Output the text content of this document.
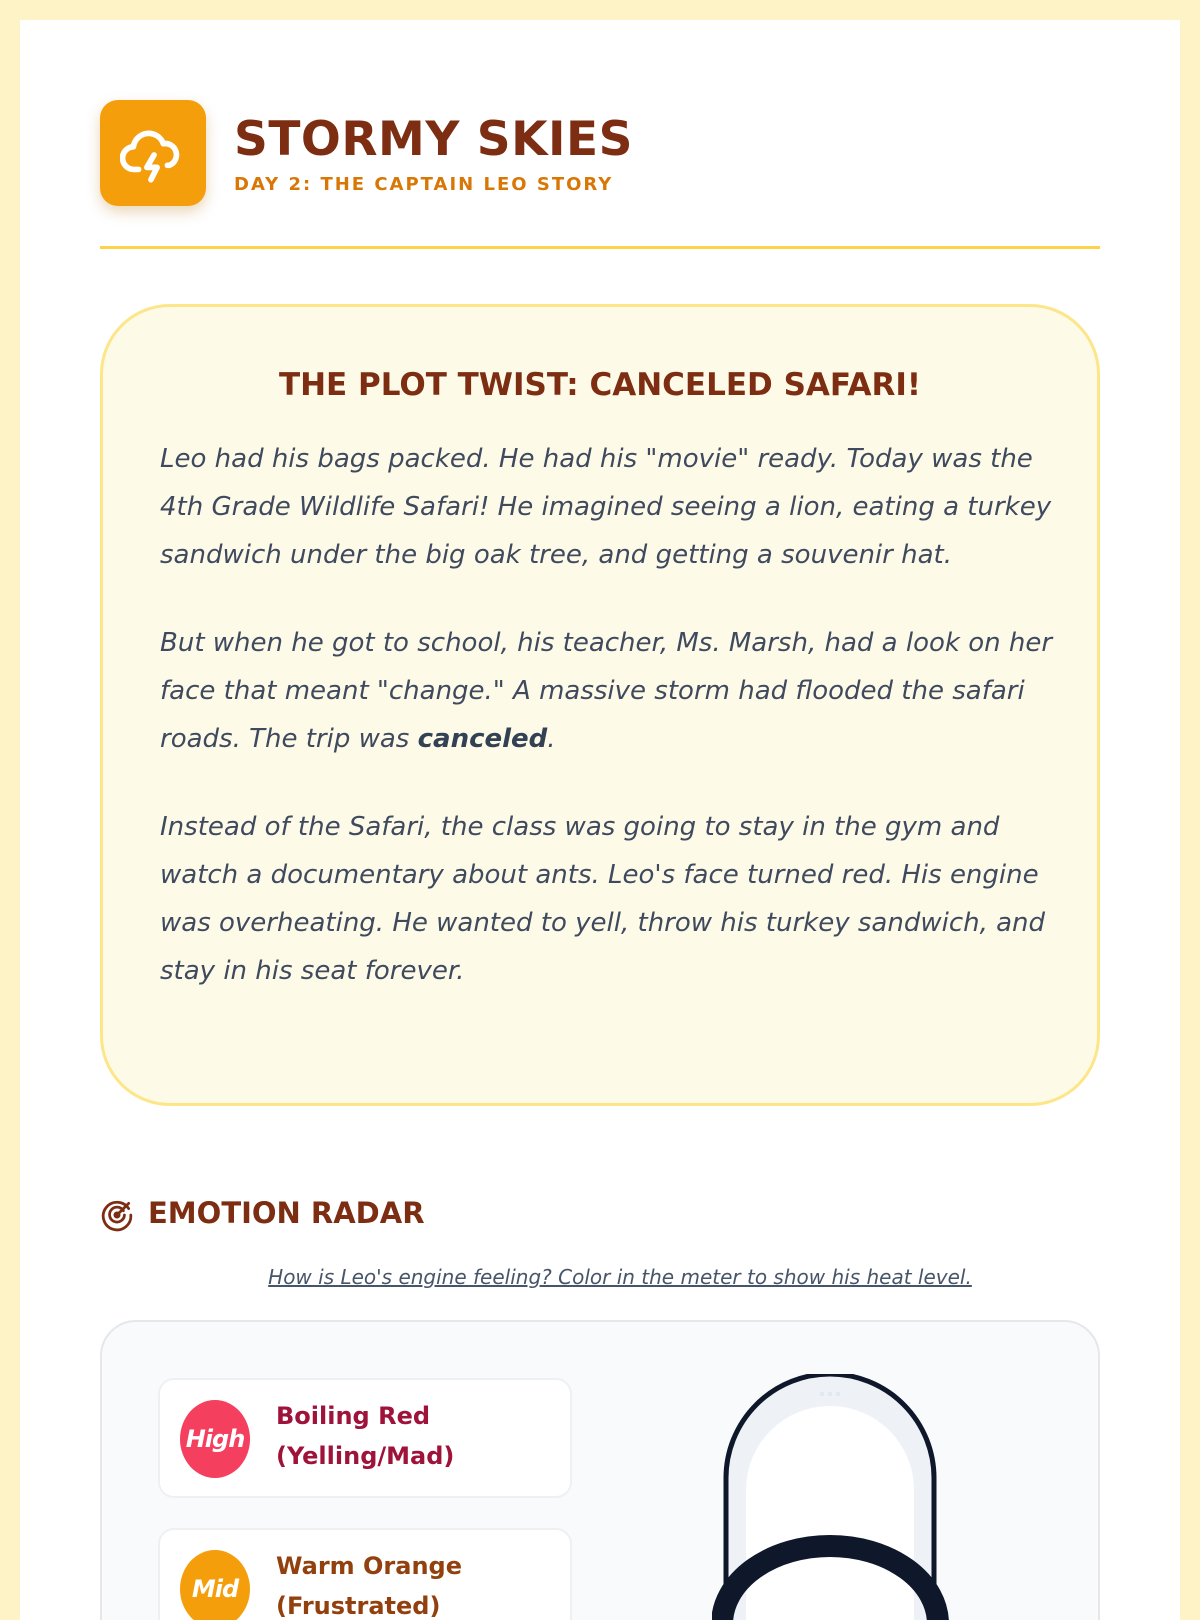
STORMY SKIES
DAY 2: THE CAPTAIN LEO STORY
THE PLOT TWIST: CANCELED SAFARI!

Leo had his bags packed. He had his "movie" ready. Today was the 4th Grade Wildlife Safari! He imagined seeing a lion, eating a turkey sandwich under the big oak tree, and getting a souvenir hat.

But when he got to school, his teacher, Ms. Marsh, had a look on her face that meant "change." A massive storm had flooded the safari roads. The trip was canceled.

Instead of the Safari, the class was going to stay in the gym and watch a documentary about ants. Leo's face turned red. His engine was overheating. He wanted to yell, throw his turkey sandwich, and stay in his seat forever.

EMOTION RADAR
How is Leo's engine feeling? Color in the meter to show his heat level.
High
Boiling Red (Yelling/Mad)
Mid
Warm Orange (Frustrated)
